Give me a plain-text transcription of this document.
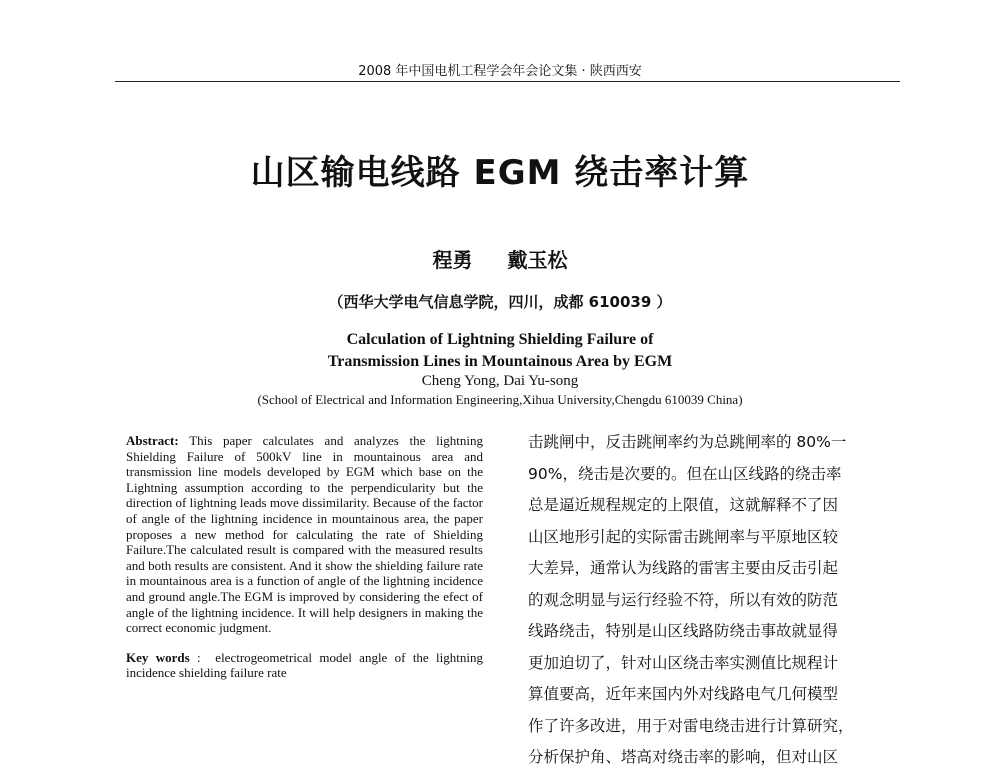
2008 年中国电机工程学会年会论文集 · 陕西西安
山区输电线路 EGM 绕击率计算
程勇 戴玉松
（西华大学电气信息学院，四川，成都 610039 ）
Calculation of Lightning Shielding Failure of
Transmission Lines in Mountainous Area by EGM
Cheng Yong, Dai Yu-song
(School of Electrical and Information Engineering,Xihua University,Chengdu 610039 China)

Abstract: This paper calculates and analyzes the lightning Shielding Failure of 500kV line in mountainous area and transmission line models developed by EGM which base on the Lightning assumption according to the perpendicularity but the direction of lightning leads move dissimilarity. Because of the factor of angle of the lightning incidence in mountainous area, the paper proposes a new method for calculating the rate of Shielding Failure.The calculated result is compared with the measured results and both results are consistent. And it show the shielding failure rate in mountainous area is a function of angle of the lightning incidence and ground angle.The EGM is improved by considering the efect of angle of the lightning incidence. It will help designers in making the correct economic judgment.

Key words :  electrogeometrical model angle of the lightning incidence shielding failure rate

击跳闸中，反击跳闸率约为总跳闸率的 80%一
90%，绕击是次要的。但在山区线路的绕击率
总是逼近规程规定的上限值，这就解释不了因
山区地形引起的实际雷击跳闸率与平原地区较
大差异，通常认为线路的雷害主要由反击引起
的观念明显与运行经验不符，所以有效的防范
线路绕击，特别是山区线路防绕击事故就显得
更加迫切了，针对山区绕击率实测值比规程计
算值要高，近年来国内外对线路电气几何模型
作了许多改进，用于对雷电绕击进行计算研究，
分析保护角、塔高对绕击率的影响，但对山区
